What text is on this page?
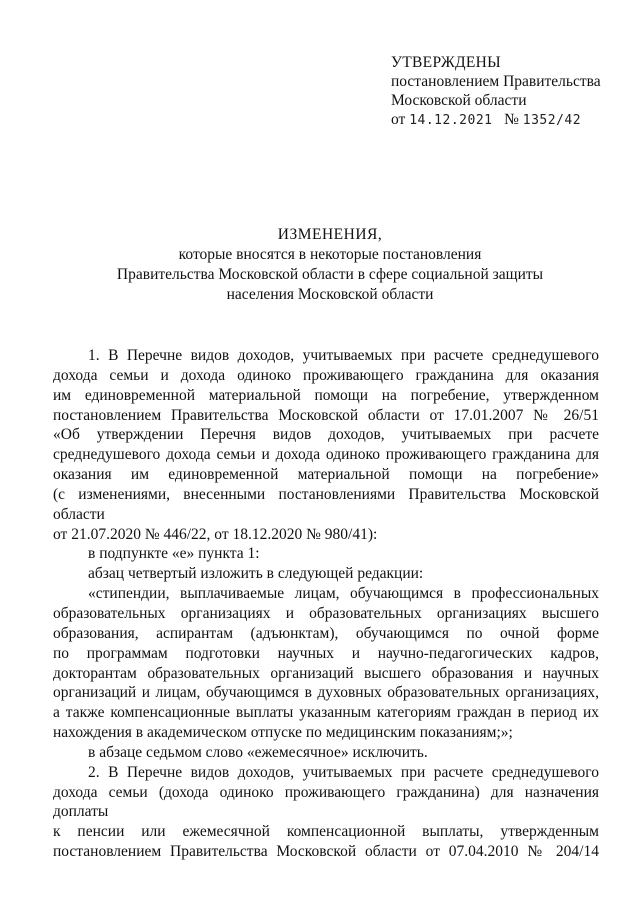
УТВЕРЖДЕНЫ
постановлением Правительства
Московской области
от 14.12.2021 № 1352/42
ИЗМЕНЕНИЯ,
которые вносятся в некоторые постановления
Правительства Московской области в сфере социальной защиты
населения Московской области

1. В Перечне видов доходов, учитываемых при расчете среднедушевого

дохода семьи и дохода одиноко проживающего гражданина для оказания

им единовременной материальной помощи на погребение, утвержденном

постановлением Правительства Московской области от 17.01.2007 № 26/51

«Об утверждении Перечня видов доходов, учитываемых при расчете

среднедушевого дохода семьи и дохода одиноко проживающего гражданина для

оказания им единовременной материальной помощи на погребение»

(с изменениями, внесенными постановлениями Правительства Московской области

от 21.07.2020 № 446/22, от 18.12.2020 № 980/41):

в подпункте «е» пункта 1:

абзац четвертый изложить в следующей редакции:

«стипендии, выплачиваемые лицам, обучающимся в профессиональных

образовательных организациях и образовательных организациях высшего

образования, аспирантам (адъюнктам), обучающимся по очной форме

по программам подготовки научных и научно-педагогических кадров,

докторантам образовательных организаций высшего образования и научных

организаций и лицам, обучающимся в духовных образовательных организациях,

а также компенсационные выплаты указанным категориям граждан в период их

нахождения в академическом отпуске по медицинским показаниям;»;

в абзаце седьмом слово «ежемесячное» исключить.

2. В Перечне видов доходов, учитываемых при расчете среднедушевого

дохода семьи (дохода одиноко проживающего гражданина) для назначения доплаты

к пенсии или ежемесячной компенсационной выплаты, утвержденным

постановлением Правительства Московской области от 07.04.2010 № 204/14
